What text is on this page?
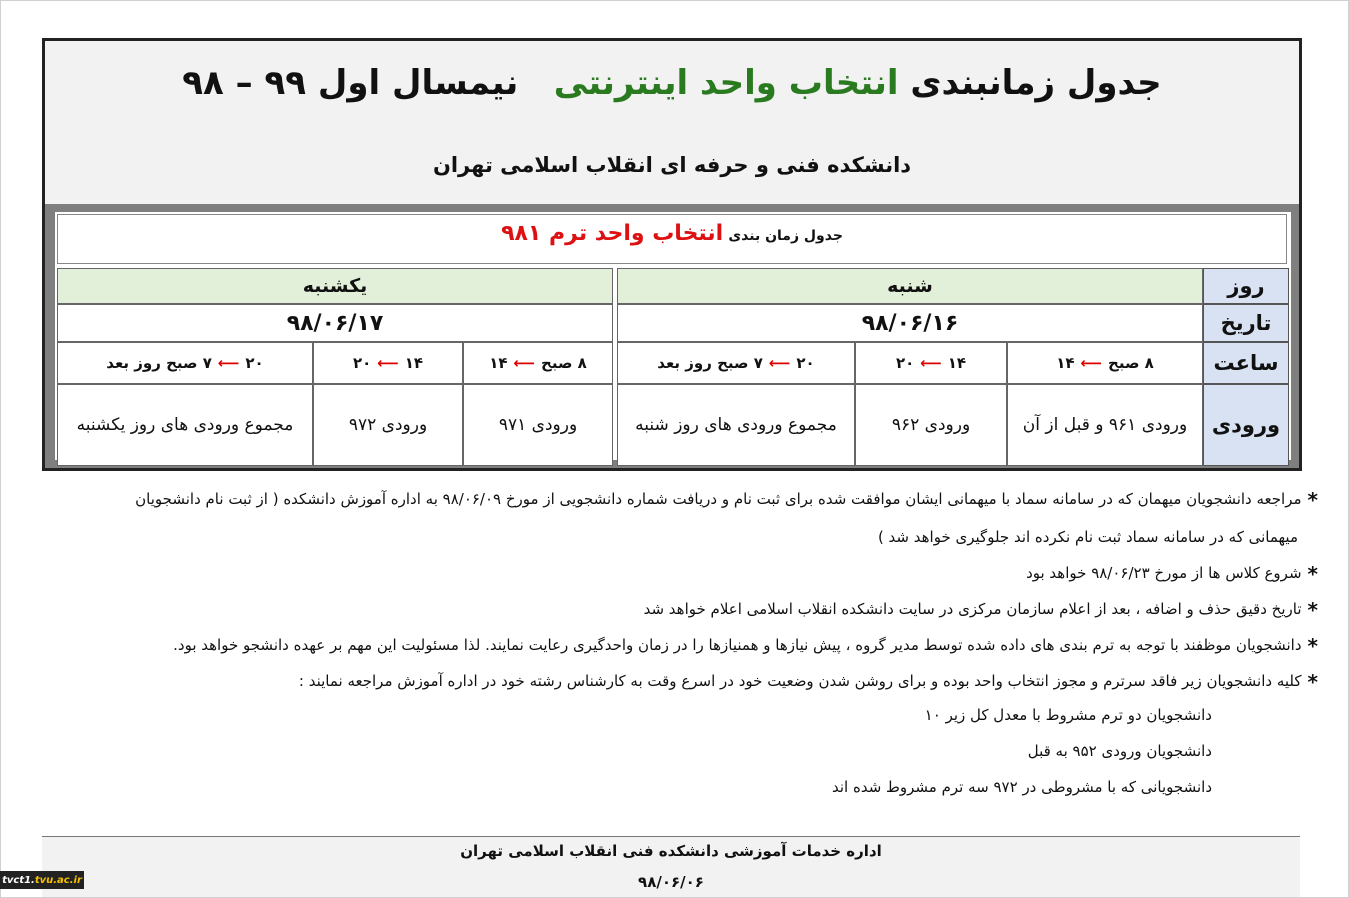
جدول زمانبندی انتخاب واحد اینترنتی   نیمسال اول ۹۹ – ۹۸
دانشکده فنی و حرفه ای انقلاب اسلامی تهران
جدول زمان بندی انتخاب واحد ترم ۹۸۱
روز
تاریخ
ساعت
ورودی
شنبه
۹۸/۰۶/۱۶
۸ صبح
⟵
۱۴
۱۴
⟵
۲۰
۲۰
⟵
۷ صبح روز بعد
ورودی ۹۶۱ و قبل از آن
ورودی ۹۶۲
مجموع ورودی های روز شنبه
یکشنبه
۹۸/۰۶/۱۷
۸ صبح
⟵
۱۴
۱۴
⟵
۲۰
۲۰
⟵
۷ صبح روز بعد
ورودی ۹۷۱
ورودی ۹۷۲
مجموع ورودی های روز یکشنبه
*مراجعه دانشجویان میهمان که در سامانه سماد با میهمانی ایشان موافقت شده برای ثبت نام و دریافت شماره دانشجویی از مورخ ۹۸/۰۶/۰۹ به اداره آموزش دانشکده ( از ثبت نام دانشجویان
میهمانی که در سامانه سماد ثبت نام نکرده اند جلوگیری خواهد شد )
*شروع کلاس ها از مورخ ۹۸/۰۶/۲۳ خواهد بود
*تاریخ دقیق حذف و اضافه ، بعد از اعلام سازمان مرکزی در سایت دانشکده انقلاب اسلامی اعلام خواهد شد
*دانشجویان موظفند با توجه به ترم بندی های داده شده توسط مدیر گروه ، پیش نیازها و همنیازها را در زمان واحدگیری رعایت نمایند. لذا مسئولیت این مهم بر عهده دانشجو خواهد بود.
*کلیه دانشجویان زیر فاقد سرترم و مجوز انتخاب واحد بوده و برای روشن شدن وضعیت خود در اسرع وقت به کارشناس رشته خود در اداره آموزش مراجعه نمایند :
دانشجویان دو ترم مشروط با معدل کل زیر ۱۰
دانشجویان ورودی ۹۵۲ به قبل
دانشجویانی که با مشروطی در ۹۷۲ سه ترم مشروط شده اند
اداره خدمات آموزشی دانشکده فنی انقلاب اسلامی تهران
۹۸/۰۶/۰۶
tvct1. tvu.ac.ir
